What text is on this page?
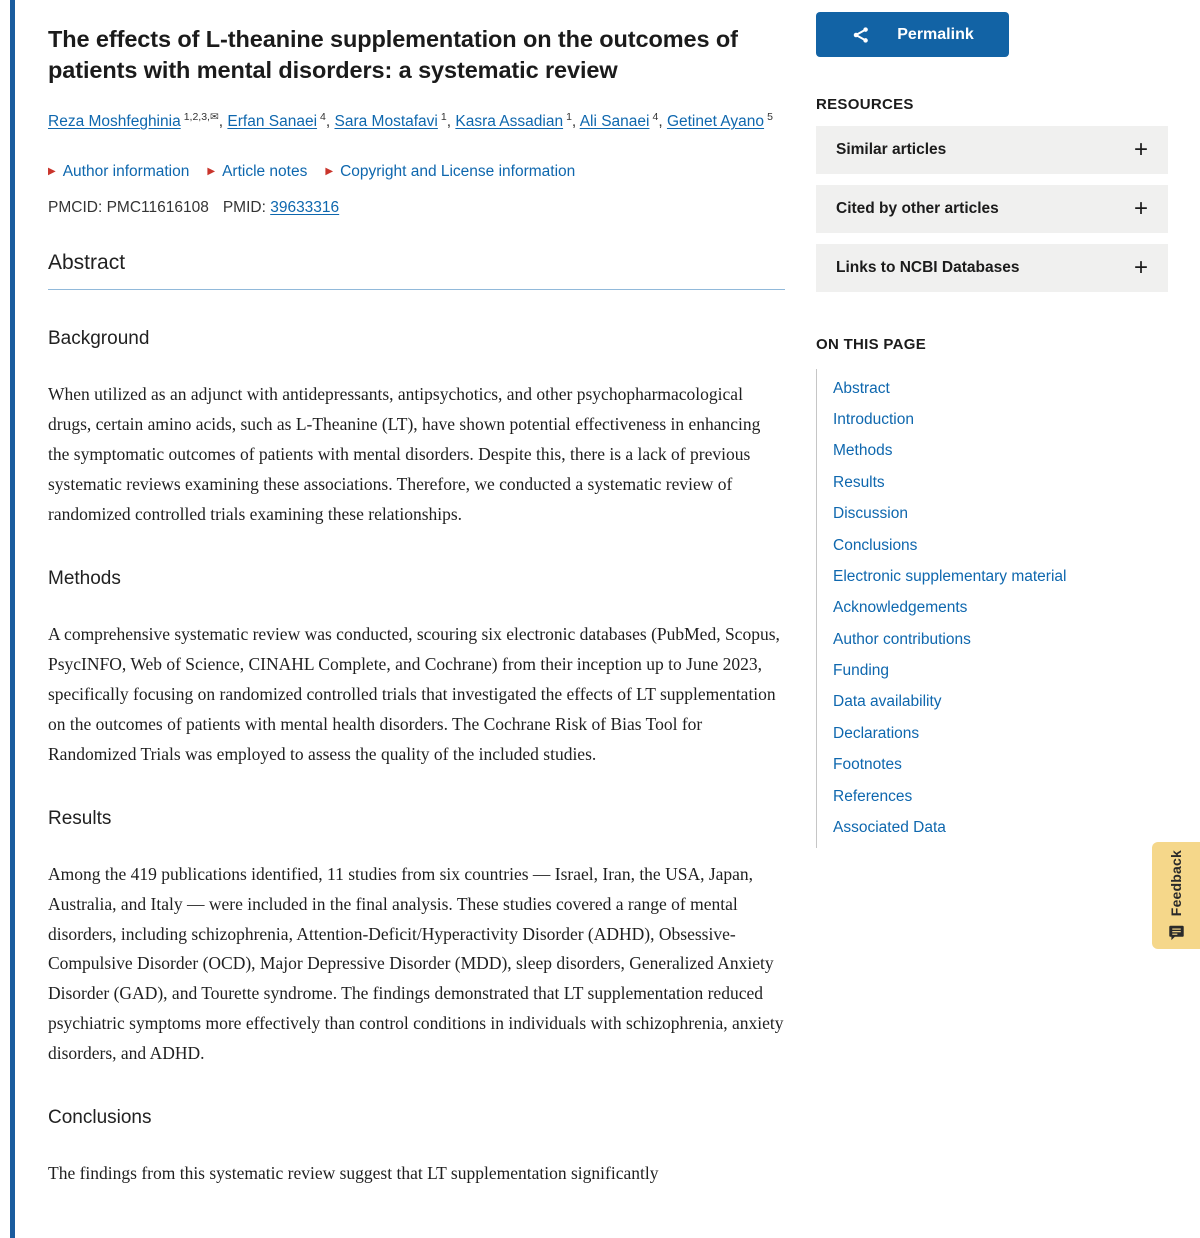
The effects of L-theanine supplementation on the outcomes of patients with mental disorders: a systematic review
Reza Moshfeghinia $^{1,2,3,✉}$, Erfan Sanaei $^4$, Sara Mostafavi $^1$, Kasra Assadian $^1$, Ali Sanaei $^4$, Getinet Ayano $^5$
▶ Author information ▶ Article notes ▶ Copyright and License information
PMCID: PMC11616108 PMID: 39633316
Abstract
Background

When utilized as an adjunct with antidepressants, antipsychotics, and other psychopharmacological drugs, certain amino acids, such as L-Theanine (LT), have shown potential effectiveness in enhancing the symptomatic outcomes of patients with mental disorders. Despite this, there is a lack of previous systematic reviews examining these associations. Therefore, we conducted a systematic review of randomized controlled trials examining these relationships.

Methods

A comprehensive systematic review was conducted, scouring six electronic databases (PubMed, Scopus, PsycINFO, Web of Science, CINAHL Complete, and Cochrane) from their inception up to June 2023, specifically focusing on randomized controlled trials that investigated the effects of LT supplementation on the outcomes of patients with mental health disorders. The Cochrane Risk of Bias Tool for Randomized Trials was employed to assess the quality of the included studies.

Results

Among the 419 publications identified, 11 studies from six countries — Israel, Iran, the USA, Japan, Australia, and Italy — were included in the final analysis. These studies covered a range of mental disorders, including schizophrenia, Attention-Deficit/Hyperactivity Disorder (ADHD), Obsessive-Compulsive Disorder (OCD), Major Depressive Disorder (MDD), sleep disorders, Generalized Anxiety Disorder (GAD), and Tourette syndrome. The findings demonstrated that LT supplementation reduced psychiatric symptoms more effectively than control conditions in individuals with schizophrenia, anxiety disorders, and ADHD.

Conclusions

The findings from this systematic review suggest that LT supplementation significantly

Permalink
RESOURCES
Similar articles	+
Cited by other articles	+
Links to NCBI Databases	+
ON THIS PAGE
Abstract
Introduction
Methods
Results
Discussion
Conclusions
Electronic supplementary material
Acknowledgements
Author contributions
Funding
Data availability
Declarations
Footnotes
References
Associated Data
Feedback
